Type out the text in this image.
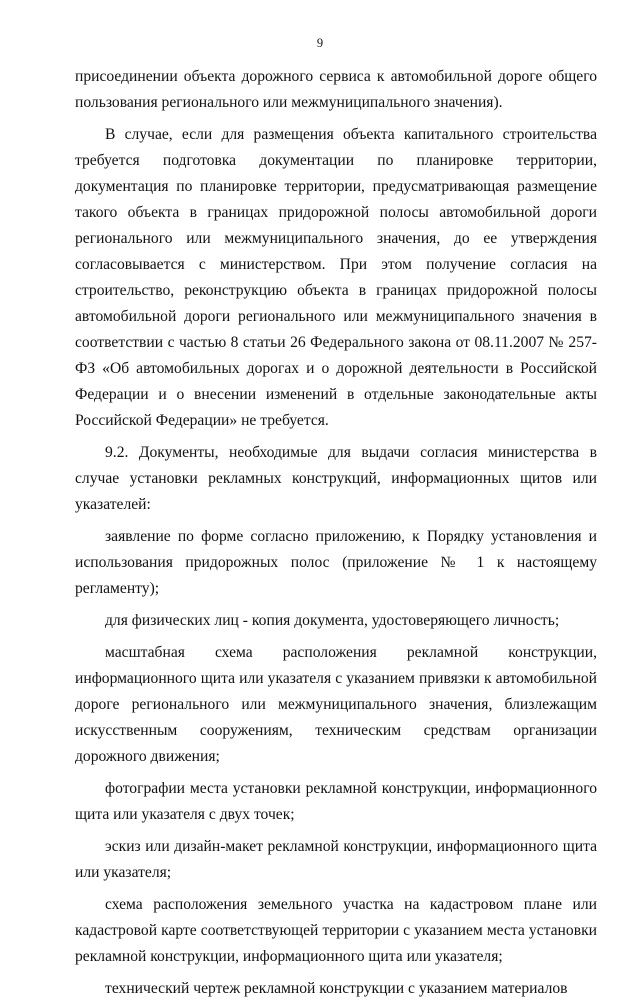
9

присоединении объекта дорожного сервиса к автомобильной дороге общего пользования регионального или межмуниципального значения).

В случае, если для размещения объекта капитального строительства требуется подготовка документации по планировке территории, документация по планировке территории, предусматривающая размещение такого объекта в границах придорожной полосы автомобильной дороги регионального или межмуниципального значения, до ее утверждения согласовывается с министерством. При этом получение согласия на строительство, реконструкцию объекта в границах придорожной полосы автомобильной дороги регионального или межмуниципального значения в соответствии с частью 8 статьи 26 Федерального закона от 08.11.2007 № 257-ФЗ «Об автомобильных дорогах и о дорожной деятельности в Российской Федерации и о внесении изменений в отдельные законодательные акты Российской Федерации» не требуется.

9.2. Документы, необходимые для выдачи согласия министерства в случае установки рекламных конструкций, информационных щитов или указателей:

заявление по форме согласно приложению, к Порядку установления и использования придорожных полос (приложение № 1 к настоящему регламенту);

для физических лиц - копия документа, удостоверяющего личность;

масштабная схема расположения рекламной конструкции, информационного щита или указателя с указанием привязки к автомобильной дороге регионального или межмуниципального значения, близлежащим искусственным сооружениям, техническим средствам организации дорожного движения;

фотографии места установки рекламной конструкции, информационного щита или указателя с двух точек;

эскиз или дизайн-макет рекламной конструкции, информационного щита или указателя;

схема расположения земельного участка на кадастровом плане или кадастровой карте соответствующей территории с указанием места установки рекламной конструкции, информационного щита или указателя;

технический чертеж рекламной конструкции с указанием материалов
